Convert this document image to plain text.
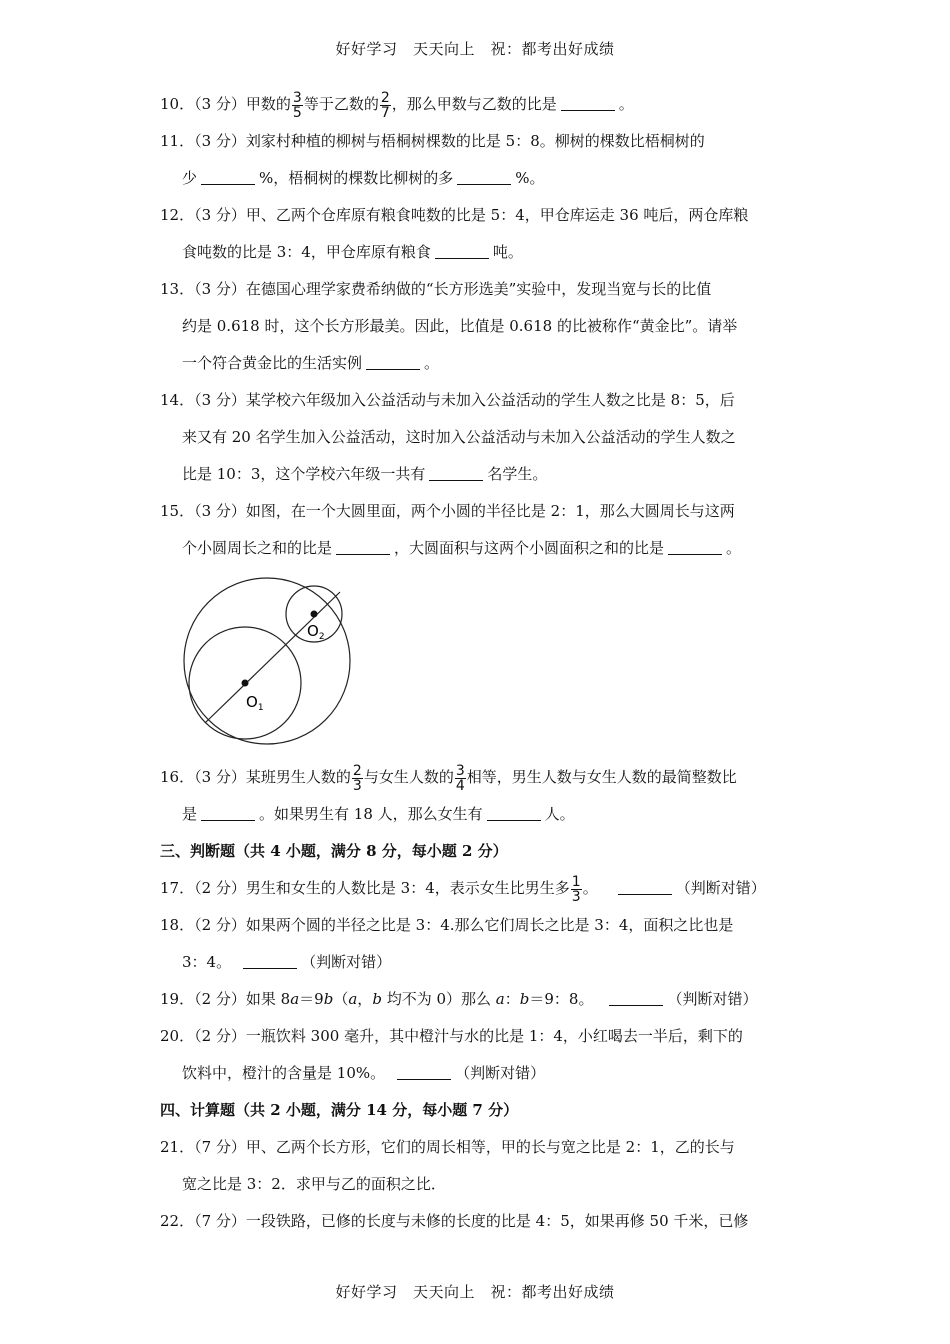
好好学习　天天向上　祝：都考出好成绩
10．（3 分）甲数的 $\frac{3}{5}$ 等于乙数的 $\frac{2}{7}$ ，那么甲数与乙数的比是	。
11．（3 分）刘家村种植的柳树与梧桐树棵数的比是 5：8。柳树的棵数比梧桐树的
少	%，梧桐树的棵数比柳树的多	%。
12．（3 分）甲、乙两个仓库原有粮食吨数的比是 5：4，甲仓库运走 36 吨后，两仓库粮
食吨数的比是 3：4，甲仓库原有粮食	吨。
13．（3 分）在德国心理学家费希纳做的“长方形选美”实验中，发现当宽与长的比值
约是 0.618 时，这个长方形最美。因此，比值是 0.618 的比被称作“黄金比”。请举
一个符合黄金比的生活实例	。
14．（3 分）某学校六年级加入公益活动与未加入公益活动的学生人数之比是 8：5，后
来又有 20 名学生加入公益活动，这时加入公益活动与未加入公益活动的学生人数之
比是 10：3，这个学校六年级一共有	名学生。
15．（3 分）如图，在一个大圆里面，两个小圆的半径比是 2：1，那么大圆周长与这两
个小圆周长之和的比是	，大圆面积与这两个小圆面积之和的比是	。
$O_1$
$O_2$
16．（3 分）某班男生人数的 $\frac{2}{3}$ 与女生人数的 $\frac{3}{4}$ 相等，男生人数与女生人数的最简整数比
是	。如果男生有 18 人，那么女生有	人。
三、判断题（共 4 小题，满分 8 分，每小题 2 分）
17．（2 分）男生和女生的人数比是 3：4，表示女生比男生多 $\frac{1}{3}$ 。	（判断对错）
18．（2 分）如果两个圆的半径之比是 3：4.那么它们周长之比是 3：4，面积之比也是
3：4。	（判断对错）
19．（2 分）如果 8a＝9b（a，b 均不为 0）那么 a：b＝9：8。	（判断对错）
20．（2 分）一瓶饮料 300 毫升，其中橙汁与水的比是 1：4，小红喝去一半后，剩下的
饮料中，橙汁的含量是 10%。	（判断对错）
四、计算题（共 2 小题，满分 14 分，每小题 7 分）
21．（7 分）甲、乙两个长方形，它们的周长相等，甲的长与宽之比是 2：1，乙的长与
宽之比是 3：2．求甲与乙的面积之比．
22．（7 分）一段铁路，已修的长度与未修的长度的比是 4：5，如果再修 50 千米，已修
好好学习　天天向上　祝：都考出好成绩
